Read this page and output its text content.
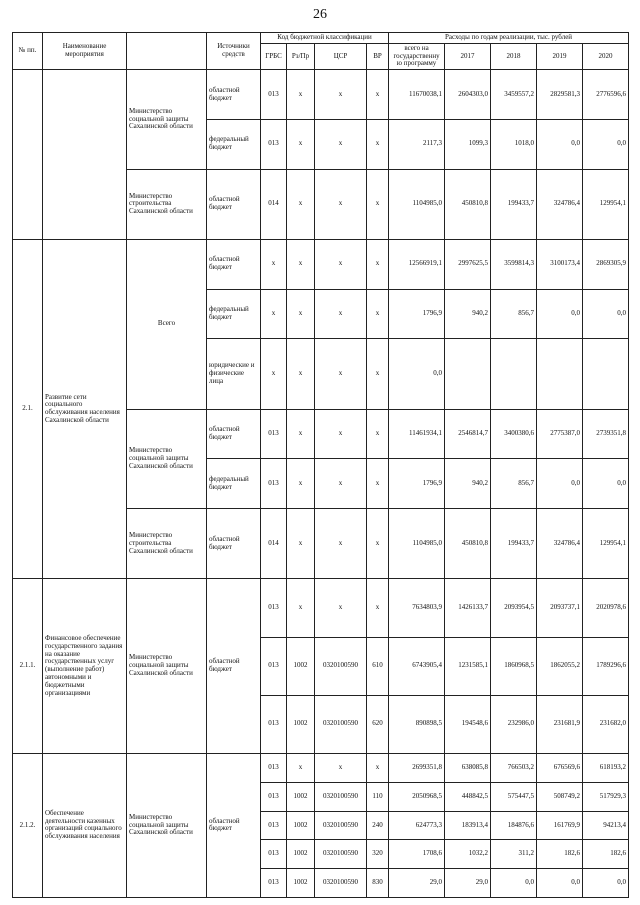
26
№ пп.	Наименование мероприятия		Источники средств	Код бюджетной классификации				Расходы по годам реализации, тыс. рублей				
				ГРБС	Рз/Пр	ЦСР	ВР	всего на государственную программу	2017	2018	2019	2020
		Министерство социальной защиты Сахалинской области	областной бюджет	013	х	х	х	11670038,1	2604303,0	3459557,2	2829581,3	2776596,6
			федеральный бюджет	013	х	х	х	2117,3	1099,3	1018,0	0,0	0,0
		Министерство строительства Сахалинской области	областной бюджет	014	х	х	х	1104985,0	450810,8	199433,7	324786,4	129954,1
2.1.	Развитие сети социального обслуживания населения Сахалинской области	Всего	областной бюджет	х	х	х	х	12566919,1	2997625,5	3599814,3	3100173,4	2869305,9
			федеральный бюджет	х	х	х	х	1796,9	940,2	856,7	0,0	0,0
			юридические и физические лица	х	х	х	х	0,0				
		Министерство социальной защиты Сахалинской области	областной бюджет	013	х	х	х	11461934,1	2546814,7	3400380,6	2775387,0	2739351,8
			федеральный бюджет	013	х	х	х	1796,9	940,2	856,7	0,0	0,0
		Министерство строительства Сахалинской области	областной бюджет	014	х	х	х	1104985,0	450810,8	199433,7	324786,4	129954,1
2.1.1.	Финансовое обеспечение государственного задания на оказание государственных услуг (выполнение работ) автономными и бюджетными организациями	Министерство социальной защиты Сахалинской области	областной бюджет	013	х	х	х	7634803,9	1426133,7	2093954,5	2093737,1	2020978,6
				013	1002	0320100590	610	6743905,4	1231585,1	1860968,5	1862055,2	1789296,6
				013	1002	0320100590	620	890898,5	194548,6	232986,0	231681,9	231682,0
2.1.2.	Обеспечение деятельности казенных организаций социального обслуживания населения	Министерство социальной защиты Сахалинской области	областной бюджет	013	х	х	х	2699351,8	638085,8	766503,2	676569,6	618193,2
				013	1002	0320100590	110	2050968,5	448842,5	575447,5	508749,2	517929,3
				013	1002	0320100590	240	624773,3	183913,4	184876,6	161769,9	94213,4
				013	1002	0320100590	320	1708,6	1032,2	311,2	182,6	182,6
				013	1002	0320100590	830	29,0	29,0	0,0	0,0	0,0
